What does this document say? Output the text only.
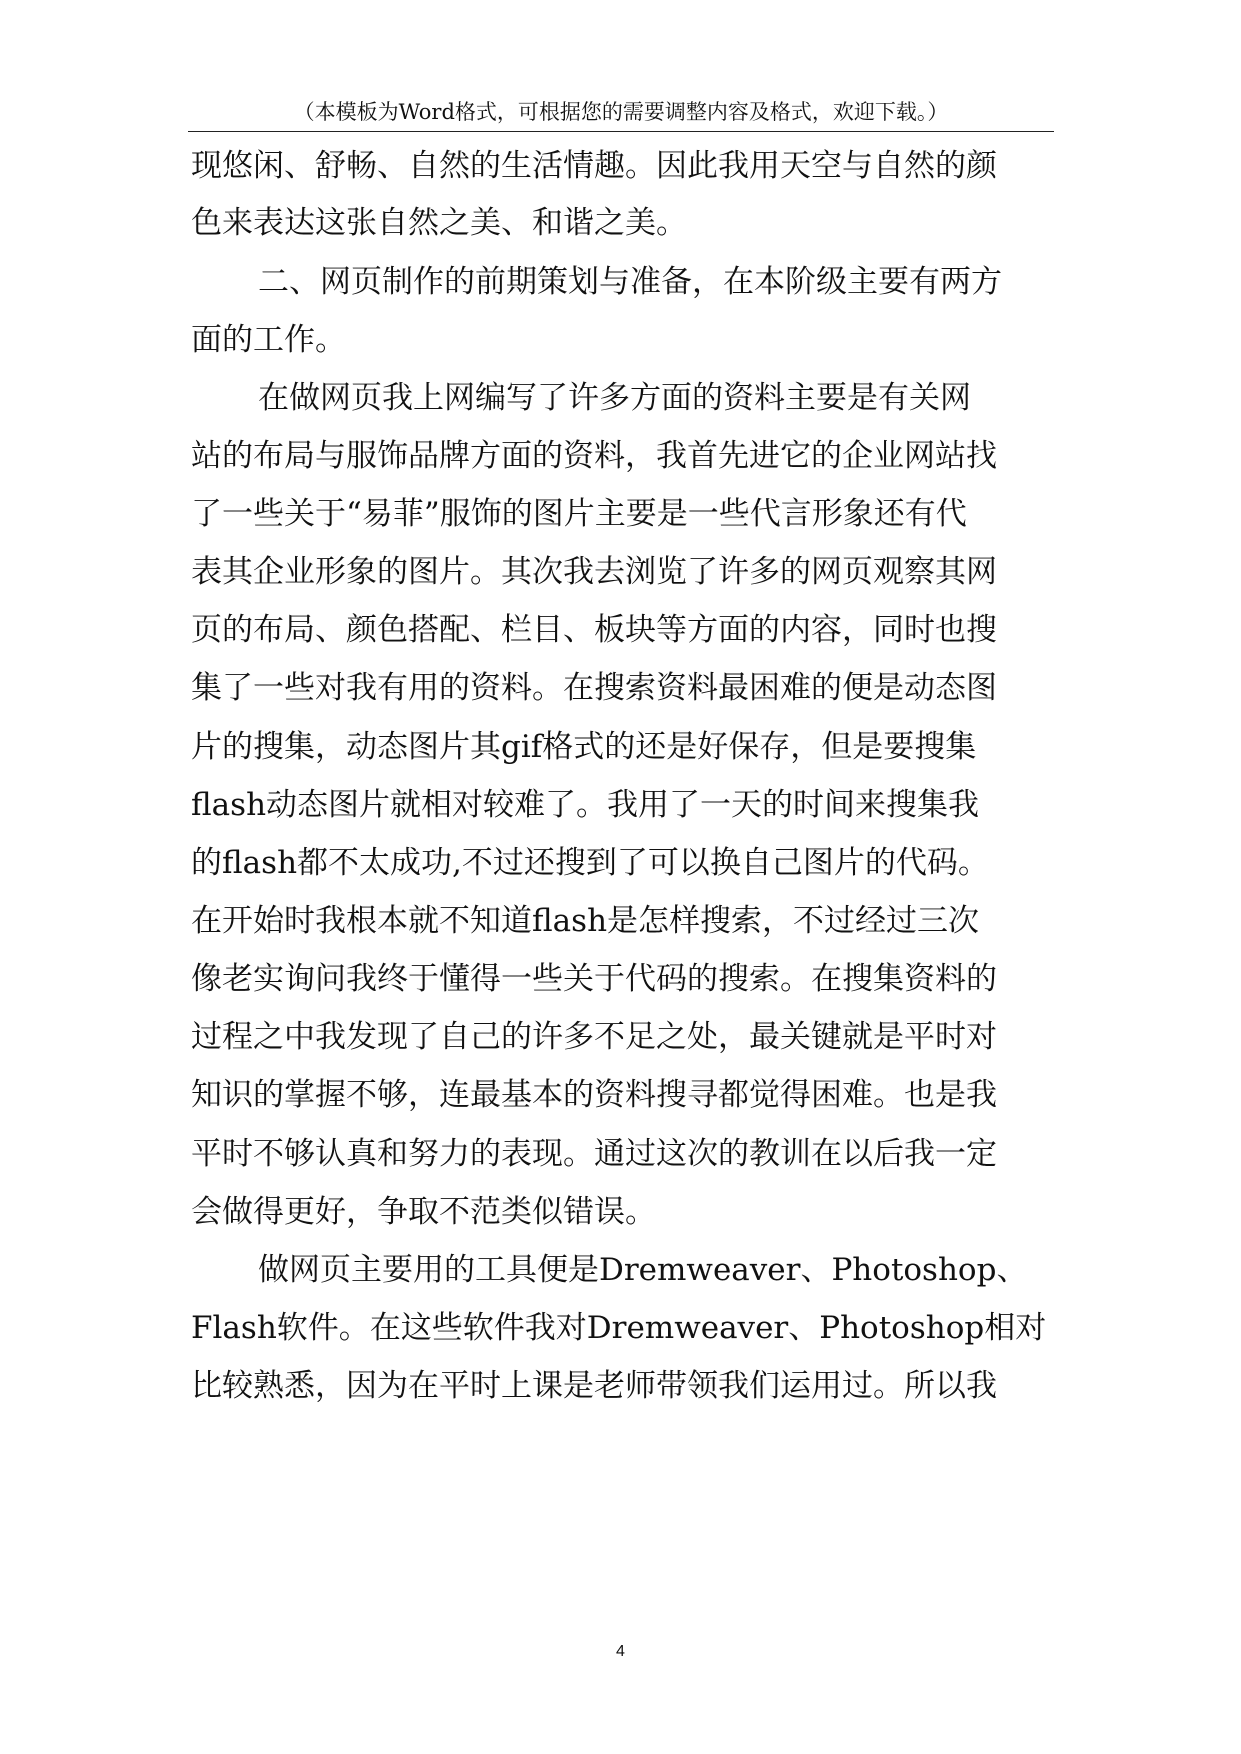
（本模板为Word格式，可根据您的需要调整内容及格式，欢迎下载。）
现悠闲、舒畅、自然的生活情趣。因此我用天空与自然的颜
色来表达这张自然之美、和谐之美。
二、网页制作的前期策划与准备，在本阶级主要有两方
面的工作。
在做网页我上网编写了许多方面的资料主要是有关网
站的布局与服饰品牌方面的资料，我首先进它的企业网站找
了一些关于“易菲”服饰的图片主要是一些代言形象还有代
表其企业形象的图片。其次我去浏览了许多的网页观察其网
页的布局、颜色搭配、栏目、板块等方面的内容，同时也搜
集了一些对我有用的资料。在搜索资料最困难的便是动态图
片的搜集，动态图片其gif格式的还是好保存，但是要搜集
flash动态图片就相对较难了。我用了一天的时间来搜集我
的flash都不太成功,不过还搜到了可以换自己图片的代码。
在开始时我根本就不知道flash是怎样搜索，不过经过三次
像老实询问我终于懂得一些关于代码的搜索。在搜集资料的
过程之中我发现了自己的许多不足之处，最关键就是平时对
知识的掌握不够，连最基本的资料搜寻都觉得困难。也是我
平时不够认真和努力的表现。通过这次的教训在以后我一定
会做得更好，争取不范类似错误。
做网页主要用的工具便是Dremweaver、Photoshop、
Flash软件。在这些软件我对Dremweaver、Photoshop相对
比较熟悉，因为在平时上课是老师带领我们运用过。所以我
4
